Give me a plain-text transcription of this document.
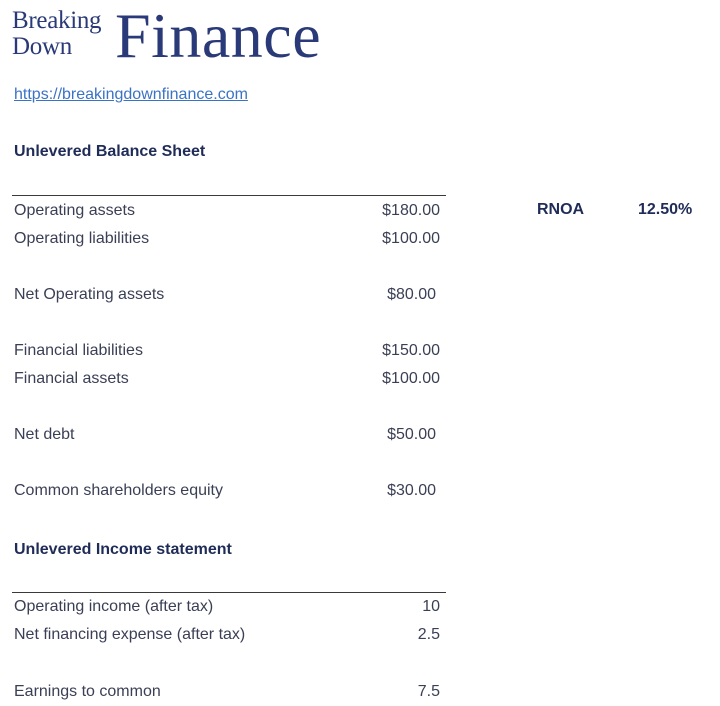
Breaking
Down Finance
https://breakingdownfinance.com
Unlevered Balance Sheet
Operating assets	$180.00
Operating liabilities	$100.00
Net Operating assets	$80.00
Financial liabilities	$150.00
Financial assets	$100.00
Net debt	$50.00
Common shareholders equity	$30.00
RNOA	12.50%
Unlevered Income statement
Operating income (after tax)	10
Net financing expense (after tax)	2.5
Earnings to common	7.5
